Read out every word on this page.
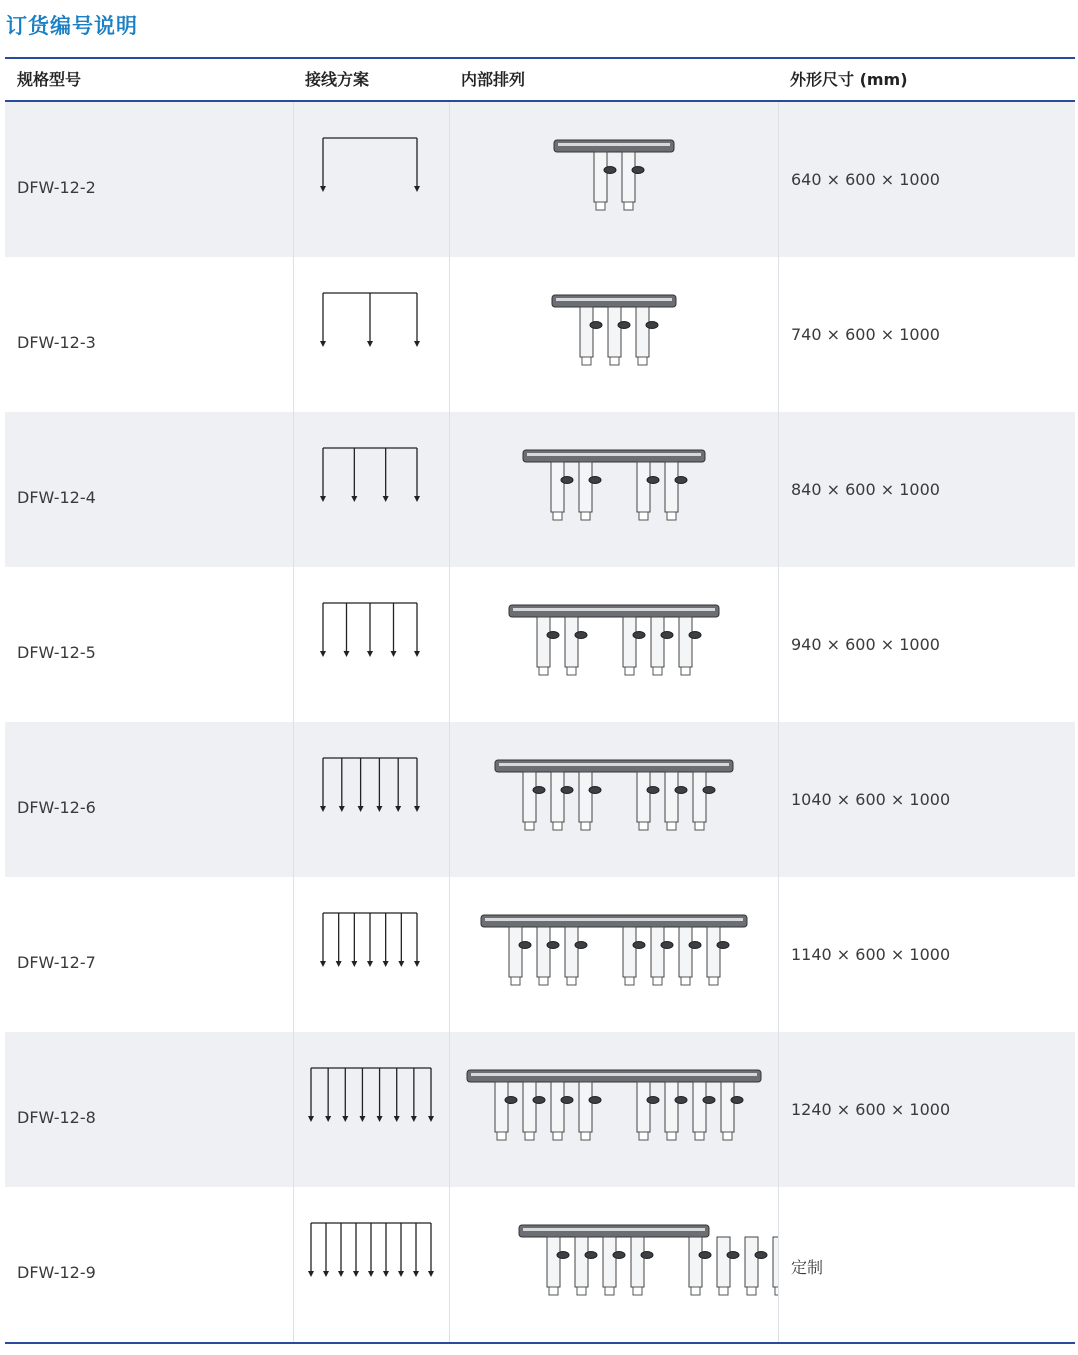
订货编号说明
规格型号	接线方案	内部排列	外形尺寸 (mm)
DFW-12-2	640 × 600 × 1000
DFW-12-3	740 × 600 × 1000
DFW-12-4	840 × 600 × 1000
DFW-12-5	940 × 600 × 1000
DFW-12-6	1040 × 600 × 1000
DFW-12-7	1140 × 600 × 1000
DFW-12-8	1240 × 600 × 1000
DFW-12-9	定制
